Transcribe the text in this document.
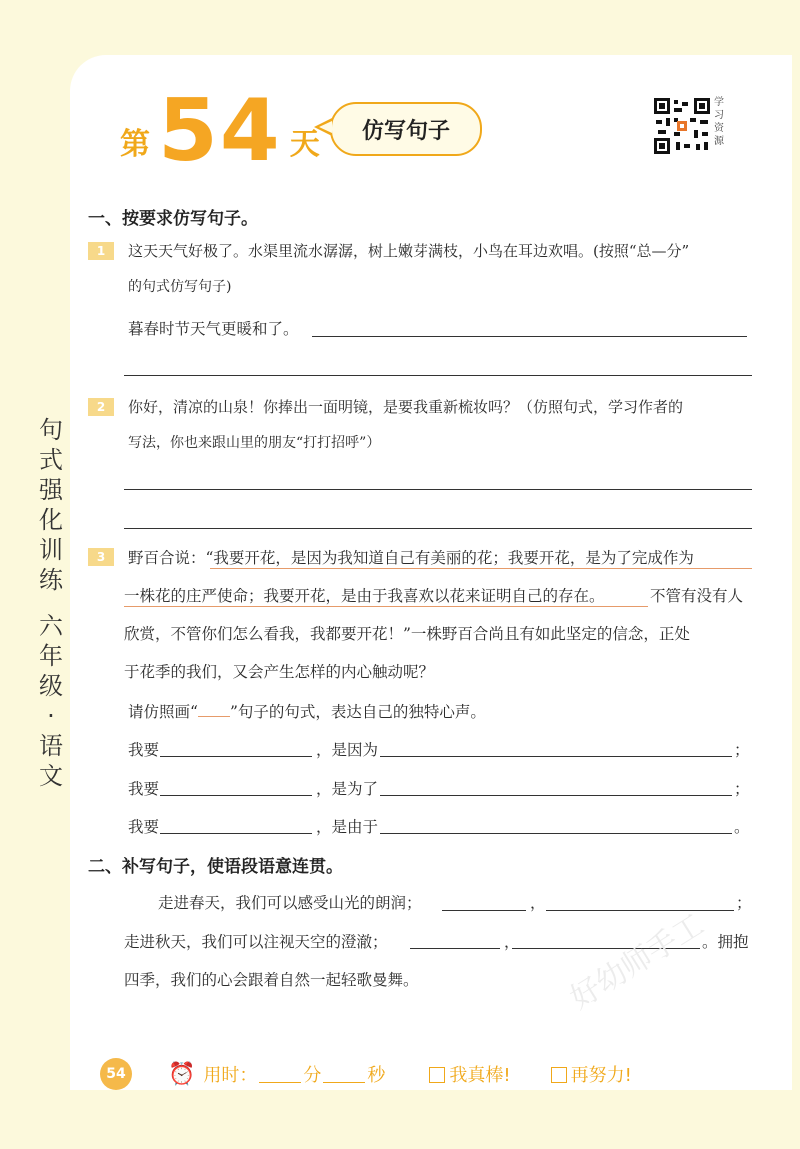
第 54 天 仿写句子
学习资源
句式强化训练
六年级·语文
一、按要求仿写句子。
1	这天天气好极了。水渠里流水潺潺，树上嫩芽满枝，小鸟在耳边欢唱。(按照“总—分”
的句式仿写句子)
暮春时节天气更暖和了。
2	你好，清凉的山泉！你捧出一面明镜，是要我重新梳妆吗？（仿照句式，学习作者的
写法，你也来跟山里的朋友“打打招呼”）
3	野百合说：“我要开花，是因为我知道自己有美丽的花；我要开花，是为了完成作为
一株花的庄严使命；我要开花，是由于我喜欢以花来证明自己的存在。	不管有没有人
欣赏，不管你们怎么看我，我都要开花！”一株野百合尚且有如此坚定的信念，正处
于花季的我们，又会产生怎样的内心触动呢？
请仿照画“ ”句子的句式，表达自己的独特心声。
我要	，是因为	；
我要	，是为了	；
我要	，是由于	。
二、补写句子，使语段语意连贯。
走进春天，我们可以感受山光的朗润；	，	；
走进秋天，我们可以注视天空的澄澈；	，	。拥抱
四季，我们的心会跟着自然一起轻歌曼舞。	好幼师手工
54 ⏰ 用时：	分	秒	我真棒!	再努力!
